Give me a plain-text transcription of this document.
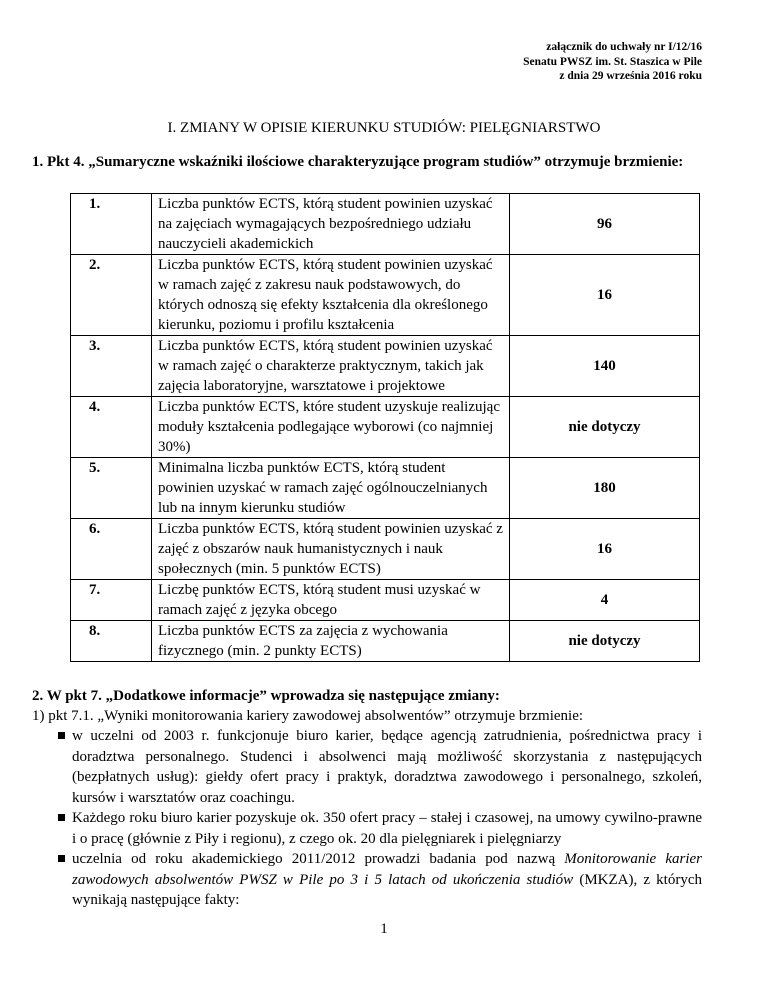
załącznik do uchwały nr I/12/16
Senatu PWSZ im. St. Staszica w Pile
z dnia 29 września 2016 roku
I. ZMIANY W OPISIE KIERUNKU STUDIÓW: PIELĘGNIARSTWO
1. Pkt 4. „Sumaryczne wskaźniki ilościowe charakteryzujące program studiów” otrzymuje brzmienie:
1.	Liczba punktów ECTS, którą student powinien uzyskać na zajęciach wymagających bezpośredniego udziału nauczycieli akademickich	96
2.	Liczba punktów ECTS, którą student powinien uzyskać w ramach zajęć z zakresu nauk podstawowych, do których odnoszą się efekty kształcenia dla określonego kierunku, poziomu i profilu kształcenia	16
3.	Liczba punktów ECTS, którą student powinien uzyskać w ramach zajęć o charakterze praktycznym, takich jak zajęcia laboratoryjne, warsztatowe i projektowe	140
4.	Liczba punktów ECTS, które student uzyskuje realizując moduły kształcenia podlegające wyborowi (co najmniej 30%)	nie dotyczy
5.	Minimalna liczba punktów ECTS, którą student powinien uzyskać w ramach zajęć ogólnouczelnianych lub na innym kierunku studiów	180
6.	Liczba punktów ECTS, którą student powinien uzyskać z zajęć z obszarów nauk humanistycznych i nauk społecznych (min. 5 punktów ECTS)	16
7.	Liczbę punktów ECTS, którą student musi uzyskać w ramach zajęć z języka obcego	4
8.	Liczba punktów ECTS za zajęcia z wychowania fizycznego (min. 2 punkty ECTS)	nie dotyczy
2. W pkt 7. „Dodatkowe informacje” wprowadza się następujące zmiany:
1) pkt 7.1. „Wyniki monitorowania kariery zawodowej absolwentów” otrzymuje brzmienie:
w uczelni od 2003 r. funkcjonuje biuro karier, będące agencją zatrudnienia, pośrednictwa pracy i doradztwa personalnego. Studenci i absolwenci mają możliwość skorzystania z następujących (bezpłatnych usług): giełdy ofert pracy i praktyk, doradztwa zawodowego i personalnego, szkoleń, kursów i warsztatów oraz coachingu.
Każdego roku biuro karier pozyskuje ok. 350 ofert pracy – stałej i czasowej, na umowy cywilno-prawne i o pracę (głównie z Piły i regionu), z czego ok. 20 dla pielęgniarek i pielęgniarzy
uczelnia od roku akademickiego 2011/2012 prowadzi badania pod nazwą Monitorowanie karier zawodowych absolwentów PWSZ w Pile po 3 i 5 latach od ukończenia studiów (MKZA), z których wynikają następujące fakty:
1
